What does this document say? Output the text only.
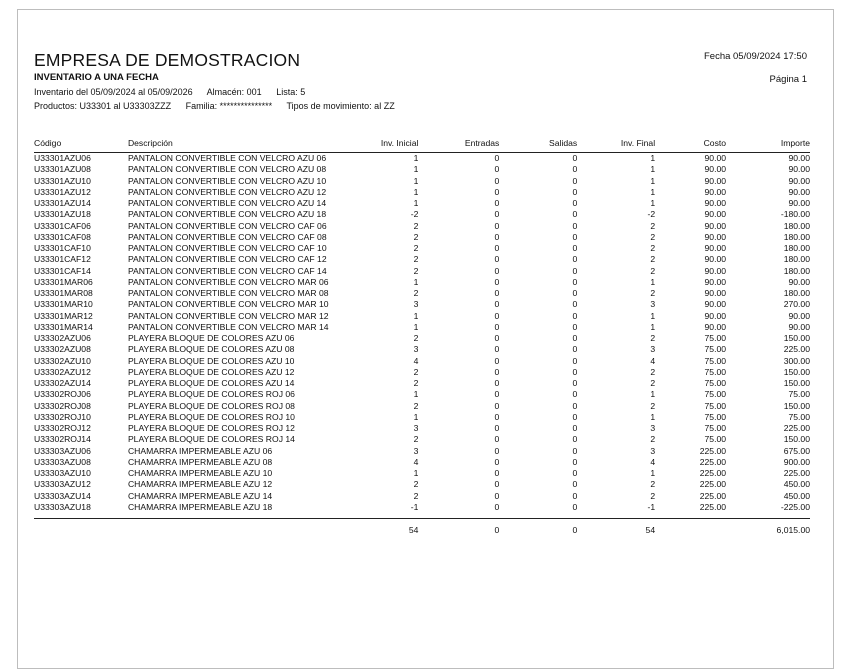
EMPRESA DE DEMOSTRACION
INVENTARIO A UNA FECHA
Inventario del 05/09/2024 al 05/09/2026 Almacén: 001 Lista: 5
Productos: U33301 al U33303ZZZ Familia: *************** Tipos de movimiento: al ZZ
Fecha 05/09/2024 17:50
Página 1
Código	Descripción	Inv. Inicial	Entradas	Salidas	Inv. Final	Costo	Importe
U33301AZU06	PANTALON CONVERTIBLE CON VELCRO AZU 06	1	0	0	1	90.00	90.00
U33301AZU08	PANTALON CONVERTIBLE CON VELCRO AZU 08	1	0	0	1	90.00	90.00
U33301AZU10	PANTALON CONVERTIBLE CON VELCRO AZU 10	1	0	0	1	90.00	90.00
U33301AZU12	PANTALON CONVERTIBLE CON VELCRO AZU 12	1	0	0	1	90.00	90.00
U33301AZU14	PANTALON CONVERTIBLE CON VELCRO AZU 14	1	0	0	1	90.00	90.00
U33301AZU18	PANTALON CONVERTIBLE CON VELCRO AZU 18	-2	0	0	-2	90.00	-180.00
U33301CAF06	PANTALON CONVERTIBLE CON VELCRO CAF 06	2	0	0	2	90.00	180.00
U33301CAF08	PANTALON CONVERTIBLE CON VELCRO CAF 08	2	0	0	2	90.00	180.00
U33301CAF10	PANTALON CONVERTIBLE CON VELCRO CAF 10	2	0	0	2	90.00	180.00
U33301CAF12	PANTALON CONVERTIBLE CON VELCRO CAF 12	2	0	0	2	90.00	180.00
U33301CAF14	PANTALON CONVERTIBLE CON VELCRO CAF 14	2	0	0	2	90.00	180.00
U33301MAR06	PANTALON CONVERTIBLE CON VELCRO MAR 06	1	0	0	1	90.00	90.00
U33301MAR08	PANTALON CONVERTIBLE CON VELCRO MAR 08	2	0	0	2	90.00	180.00
U33301MAR10	PANTALON CONVERTIBLE CON VELCRO MAR 10	3	0	0	3	90.00	270.00
U33301MAR12	PANTALON CONVERTIBLE CON VELCRO MAR 12	1	0	0	1	90.00	90.00
U33301MAR14	PANTALON CONVERTIBLE CON VELCRO MAR 14	1	0	0	1	90.00	90.00
U33302AZU06	PLAYERA BLOQUE DE COLORES AZU 06	2	0	0	2	75.00	150.00
U33302AZU08	PLAYERA BLOQUE DE COLORES AZU 08	3	0	0	3	75.00	225.00
U33302AZU10	PLAYERA BLOQUE DE COLORES AZU 10	4	0	0	4	75.00	300.00
U33302AZU12	PLAYERA BLOQUE DE COLORES AZU 12	2	0	0	2	75.00	150.00
U33302AZU14	PLAYERA BLOQUE DE COLORES AZU 14	2	0	0	2	75.00	150.00
U33302ROJ06	PLAYERA BLOQUE DE COLORES ROJ 06	1	0	0	1	75.00	75.00
U33302ROJ08	PLAYERA BLOQUE DE COLORES ROJ 08	2	0	0	2	75.00	150.00
U33302ROJ10	PLAYERA BLOQUE DE COLORES ROJ 10	1	0	0	1	75.00	75.00
U33302ROJ12	PLAYERA BLOQUE DE COLORES ROJ 12	3	0	0	3	75.00	225.00
U33302ROJ14	PLAYERA BLOQUE DE COLORES ROJ 14	2	0	0	2	75.00	150.00
U33303AZU06	CHAMARRA IMPERMEABLE AZU 06	3	0	0	3	225.00	675.00
U33303AZU08	CHAMARRA IMPERMEABLE AZU 08	4	0	0	4	225.00	900.00
U33303AZU10	CHAMARRA IMPERMEABLE AZU 10	1	0	0	1	225.00	225.00
U33303AZU12	CHAMARRA IMPERMEABLE AZU 12	2	0	0	2	225.00	450.00
U33303AZU14	CHAMARRA IMPERMEABLE AZU 14	2	0	0	2	225.00	450.00
U33303AZU18	CHAMARRA IMPERMEABLE AZU 18	-1	0	0	-1	225.00	-225.00

		54	0	0	54		6,015.00
